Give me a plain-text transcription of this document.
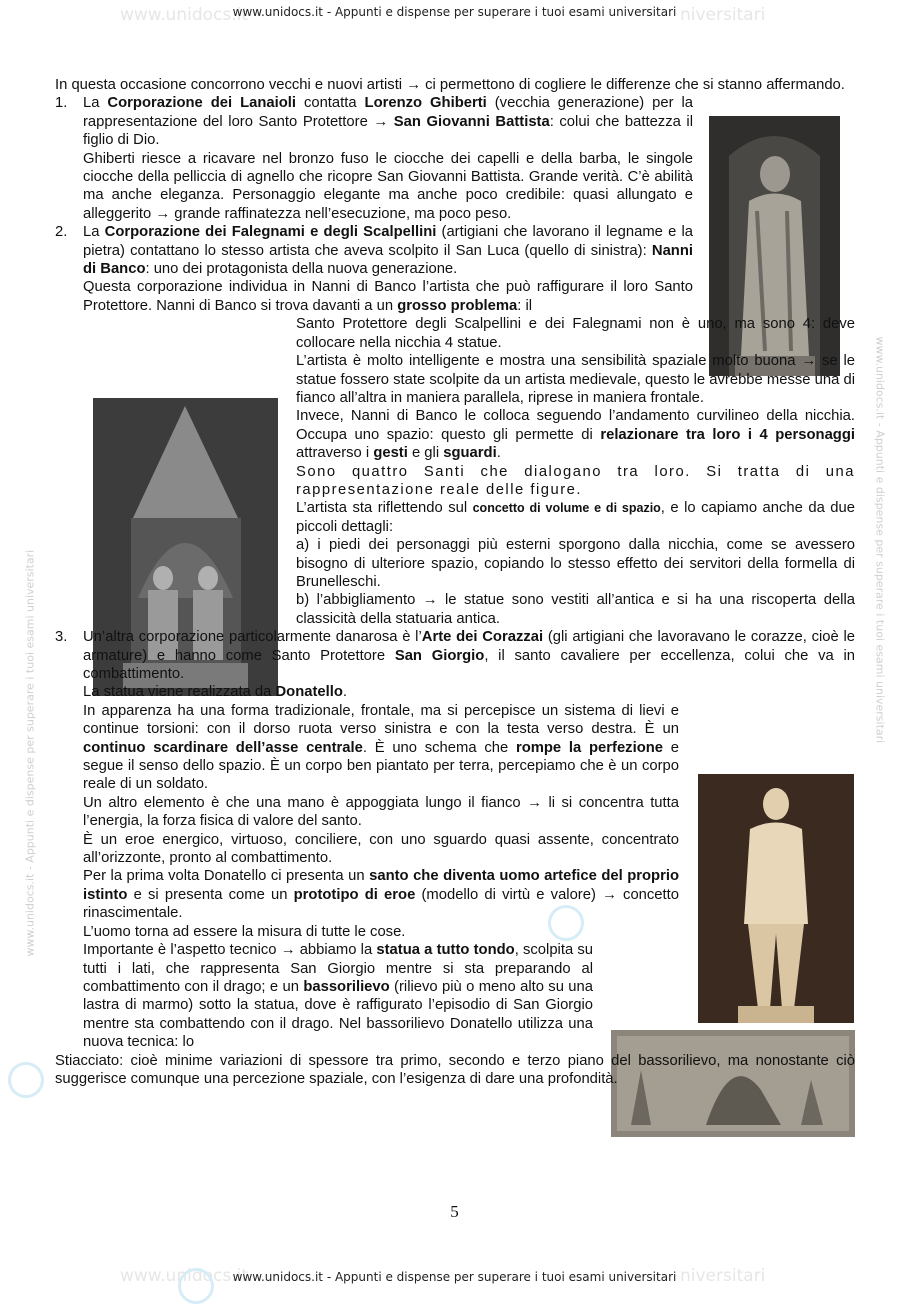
www.unidocs.it	niversitari
www.unidocs.it	niversitari
www.unidocs.it - Appunti e dispense per superare i tuoi esami universitari
www.unidocs.it - Appunti e dispense per superare i tuoi esami universitari
www.unidocs.it - Appunti e dispense per superare i tuoi esami universitari
www.unidocs.it - Appunti e dispense per superare i tuoi esami universitari

In questa occasione concorrono vecchi e nuovi artisti → ci permettono di cogliere le differenze che si stanno affermando.

1. La Corporazione dei Lanaioli contatta Lorenzo Ghiberti (vecchia generazione) per la rappresentazione del loro Santo Protettore → San Giovanni Battista: colui che battezza il figlio di Dio.

Ghiberti riesce a ricavare nel bronzo fuso le ciocche dei capelli e della barba, le singole ciocche della pelliccia di agnello che ricopre San Giovanni Battista. Grande verità. C’è abilità ma anche eleganza. Personaggio elegante ma anche poco credibile: quasi allungato e alleggerito → grande raffinatezza nell’esecuzione, ma poco peso.

2. La Corporazione dei Falegnami e degli Scalpellini (artigiani che lavorano il legname e la pietra) contattano lo stesso artista che aveva scolpito il San Luca (quello di sinistra): Nanni di Banco: uno dei protagonista della nuova generazione.

Questa corporazione individua in Nanni di Banco l’artista che può raffigurare il loro Santo Protettore. Nanni di Banco si trova davanti a un grosso problema: il

Santo Protettore degli Scalpellini e dei Falegnami non è uno, ma sono 4: deve collocare nella nicchia 4 statue.

L’artista è molto intelligente e mostra una sensibilità spaziale molto buona → se le statue fossero state scolpite da un artista medievale, questo le avrebbe messe una di fianco all’altra in maniera parallela, riprese in maniera frontale.

Invece, Nanni di Banco le colloca seguendo l’andamento curvilineo della nicchia. Occupa uno spazio: questo gli permette di relazionare tra loro i 4 personaggi attraverso i gesti e gli sguardi.

Sono quattro Santi che dialogano tra loro. Si tratta di una rappresentazione reale delle figure.

L’artista sta riflettendo sul concetto di volume e di spazio, e lo capiamo anche da due piccoli dettagli:

a) i piedi dei personaggi più esterni sporgono dalla nicchia, come se avessero bisogno di ulteriore spazio, copiando lo stesso effetto dei servitori della formella di Brunelleschi.

b) l’abbigliamento → le statue sono vestiti all’antica e si ha una riscoperta della classicità della statuaria antica.

3. Un’altra corporazione particolarmente danarosa è l’Arte dei Corazzai (gli artigiani che lavoravano le corazze, cioè le armature) e hanno come Santo Protettore San Giorgio, il santo cavaliere per eccellenza, colui che va in combattimento.

La statua viene realizzata da Donatello.

In apparenza ha una forma tradizionale, frontale, ma si percepisce un sistema di lievi e continue torsioni: con il dorso ruota verso sinistra e con la testa verso destra. È un continuo scardinare dell’asse centrale. È uno schema che rompe la perfezione e segue il senso dello spazio. È un corpo ben piantato per terra, percepiamo che è un corpo reale di un soldato.

Un altro elemento è che una mano è appoggiata lungo il fianco → li si concentra tutta l’energia, la forza fisica di valore del santo.

È un eroe energico, virtuoso, conciliere, con uno sguardo quasi assente, concentrato all’orizzonte, pronto al combattimento.

Per la prima volta Donatello ci presenta un santo che diventa uomo artefice del proprio istinto e si presenta come un prototipo di eroe (modello di virtù e valore) → concetto rinascimentale.

L’uomo torna ad essere la misura di tutte le cose.

Importante è l’aspetto tecnico → abbiamo la statua a tutto tondo, scolpita su tutti i lati, che rappresenta San Giorgio mentre si sta preparando al combattimento con il drago; e un bassorilievo (rilievo più o meno alto su una lastra di marmo) sotto la statua, dove è raffigurato l’episodio di San Giorgio mentre sta combattendo con il drago. Nel bassorilievo Donatello utilizza una nuova tecnica: lo

Stiacciato: cioè minime variazioni di spessore tra primo, secondo e terzo piano del bassorilievo, ma nonostante ciò suggerisce comunque una percezione spaziale, con l’esigenza di dare una profondità.

5
